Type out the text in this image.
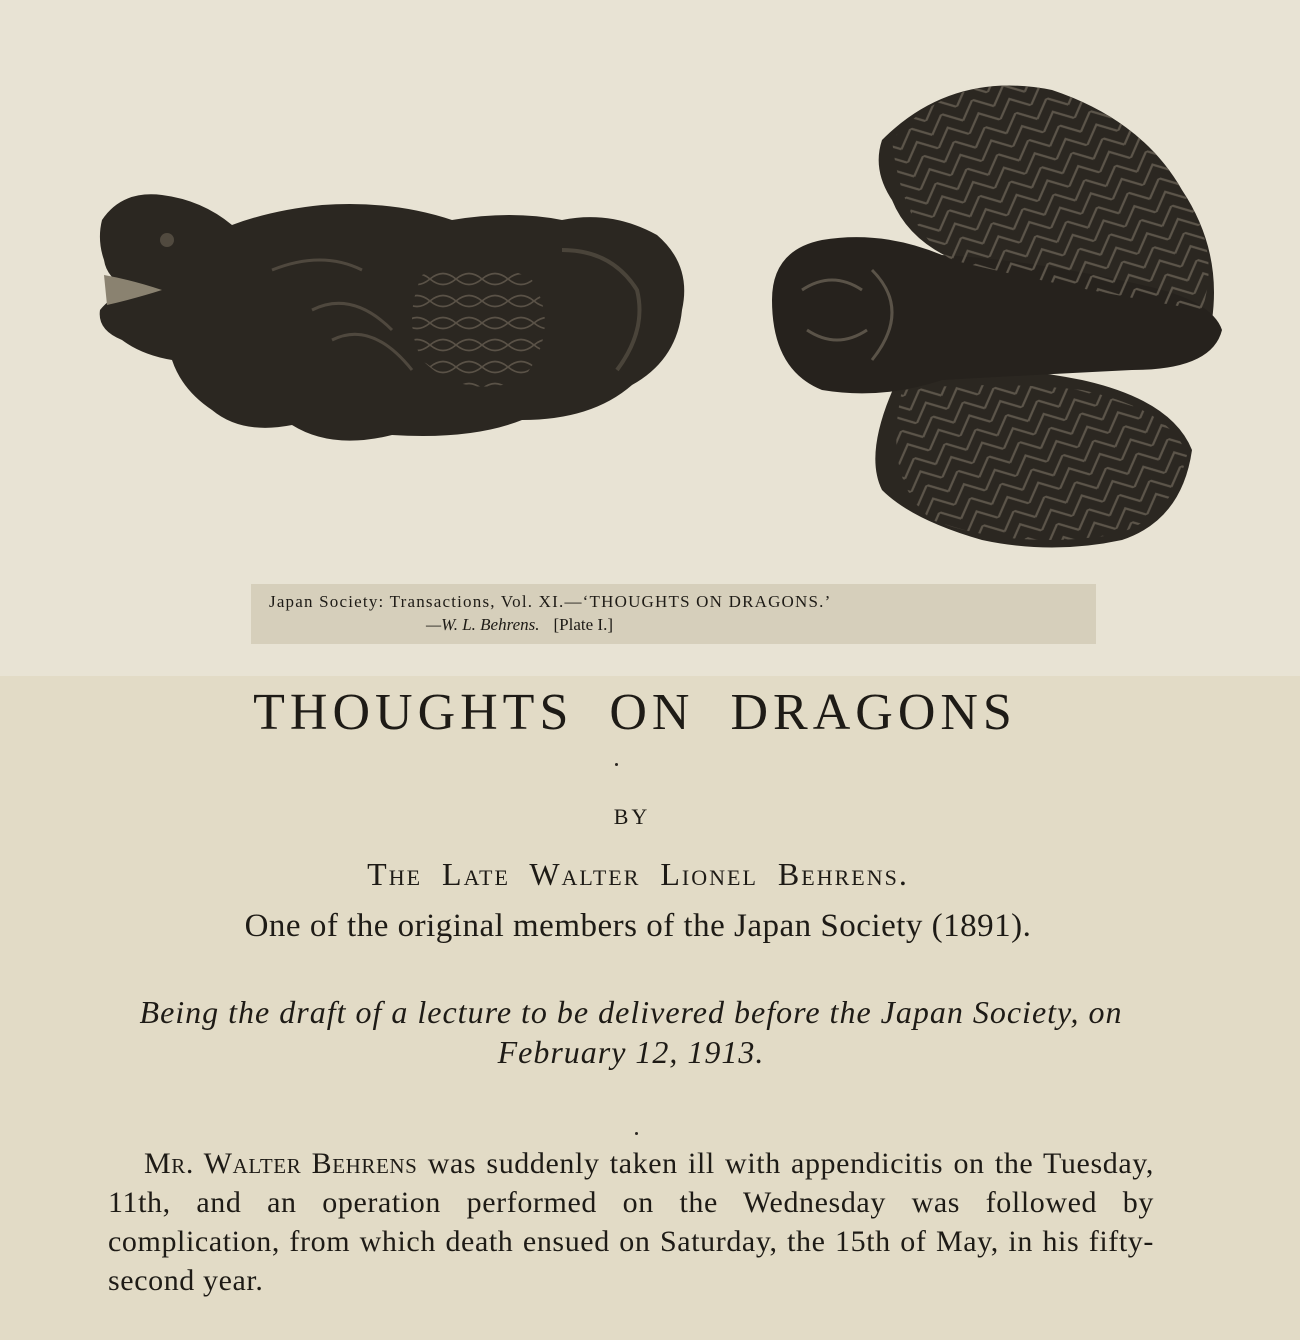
Japan Society: Transactions, Vol. XI.—‘THOUGHTS ON DRAGONS.’
—W. L. Behrens. [Plate I.]
THOUGHTS ON DRAGONS
BY
The Late Walter Lionel Behrens.
One of the original members of the Japan Society (1891).
Being the draft of a lecture to be delivered before the Japan Society, on February 12, 1913.
Mr. Walter Behrens was suddenly taken ill with appendicitis on the Tuesday, 11th, and an operation performed on the Wednesday was followed by complication, from which death ensued on Saturday, the 15th of May, in his fifty-second year.
